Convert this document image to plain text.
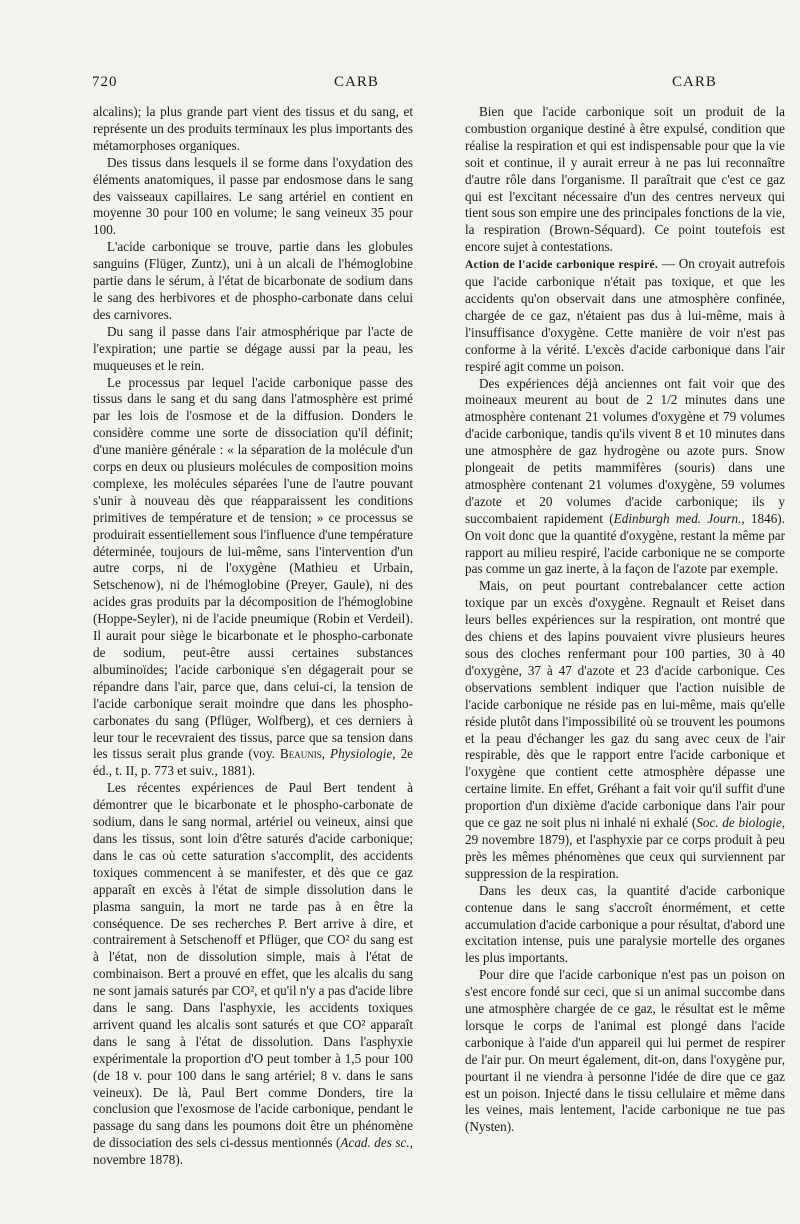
720	CARB	CARB

alcalins); la plus grande part vient des tissus et du sang, et représente un des produits terminaux les plus importants des métamorphoses organiques.

Des tissus dans lesquels il se forme dans l'oxydation des éléments anatomiques, il passe par endosmose dans le sang des vaisseaux capillaires. Le sang artériel en contient en moyenne 30 pour 100 en volume; le sang veineux 35 pour 100.

L'acide carbonique se trouve, partie dans les globules sanguins (Flüger, Zuntz), uni à un alcali de l'hémoglobine partie dans le sérum, à l'état de bicarbonate de sodium dans le sang des herbivores et de phospho-carbonate dans celui des carnivores.

Du sang il passe dans l'air atmosphérique par l'acte de l'expiration; une partie se dégage aussi par la peau, les muqueuses et le rein.

Le processus par lequel l'acide carbonique passe des tissus dans le sang et du sang dans l'atmosphère est primé par les lois de l'osmose et de la diffusion. Donders le considère comme une sorte de dissociation qu'il définit; d'une manière générale : « la séparation de la molécule d'un corps en deux ou plusieurs molécules de composition moins complexe, les molécules séparées l'une de l'autre pouvant s'unir à nouveau dès que réapparaissent les conditions primitives de température et de tension; » ce processus se produirait essentiellement sous l'influence d'une température déterminée, toujours de lui-même, sans l'intervention d'un autre corps, ni de l'oxygène (Mathieu et Urbain, Setschenow), ni de l'hémoglobine (Preyer, Gaule), ni des acides gras produits par la décomposition de l'hémoglobine (Hoppe-Seyler), ni de l'acide pneumique (Robin et Verdeil). Il aurait pour siège le bicarbonate et le phospho-carbonate de sodium, peut-être aussi certaines substances albuminoïdes; l'acide carbonique s'en dégagerait pour se répandre dans l'air, parce que, dans celui-ci, la tension de l'acide carbonique serait moindre que dans les phospho-carbonates du sang (Pflüger, Wolfberg), et ces derniers à leur tour le recevraient des tissus, parce que sa tension dans les tissus serait plus grande (voy. Beaunis, Physiologie, 2e éd., t. II, p. 773 et suiv., 1881).

Les récentes expériences de Paul Bert tendent à démontrer que le bicarbonate et le phospho-carbonate de sodium, dans le sang normal, artériel ou veineux, ainsi que dans les tissus, sont loin d'être saturés d'acide carbonique; dans le cas où cette saturation s'accomplit, des accidents toxiques commencent à se manifester, et dès que ce gaz apparaît en excès à l'état de simple dissolution dans le plasma sanguin, la mort ne tarde pas à en être la conséquence. De ses recherches P. Bert arrive à dire, et contrairement à Setschenoff et Pflüger, que CO² du sang est à l'état, non de dissolution simple, mais à l'état de combinaison. Bert a prouvé en effet, que les alcalis du sang ne sont jamais saturés par CO², et qu'il n'y a pas d'acide libre dans le sang. Dans l'asphyxie, les accidents toxiques arrivent quand les alcalis sont saturés et que CO² apparaît dans le sang à l'état de dissolution. Dans l'asphyxie expérimentale la proportion d'O peut tomber à 1,5 pour 100 (de 18 v. pour 100 dans le sang artériel; 8 v. dans le sans veineux). De là, Paul Bert comme Donders, tire la conclusion que l'exosmose de l'acide carbonique, pendant le passage du sang dans les poumons doit être un phénomène de dissociation des sels ci-dessus mentionnés (Acad. des sc., novembre 1878).

Bien que l'acide carbonique soit un produit de la combustion organique destiné à être expulsé, condition que réalise la respiration et qui est indispensable pour que la vie soit et continue, il y aurait erreur à ne pas lui reconnaître d'autre rôle dans l'organisme. Il paraîtrait que c'est ce gaz qui est l'excitant nécessaire d'un des centres nerveux qui tient sous son empire une des principales fonctions de la vie, la respiration (Brown-Séquard). Ce point toutefois est encore sujet à contestations.

Action de l'acide carbonique respiré. — On croyait autrefois que l'acide carbonique n'était pas toxique, et que les accidents qu'on observait dans une atmosphère confinée, chargée de ce gaz, n'étaient pas dus à lui-même, mais à l'insuffisance d'oxygène. Cette manière de voir n'est pas conforme à la vérité. L'excès d'acide carbonique dans l'air respiré agit comme un poison.

Des expériences déjà anciennes ont fait voir que des moineaux meurent au bout de 2 1/2 minutes dans une atmosphère contenant 21 volumes d'oxygène et 79 volumes d'acide carbonique, tandis qu'ils vivent 8 et 10 minutes dans une atmosphère de gaz hydrogène ou azote purs. Snow plongeait de petits mammifères (souris) dans une atmosphère contenant 21 volumes d'oxygène, 59 volumes d'azote et 20 volumes d'acide carbonique; ils y succombaient rapidement (Edinburgh med. Journ., 1846). On voit donc que la quantité d'oxygène, restant la même par rapport au milieu respiré, l'acide carbonique ne se comporte pas comme un gaz inerte, à la façon de l'azote par exemple.

Mais, on peut pourtant contrebalancer cette action toxique par un excès d'oxygène. Regnault et Reiset dans leurs belles expériences sur la respiration, ont montré que des chiens et des lapins pouvaient vivre plusieurs heures sous des cloches renfermant pour 100 parties, 30 à 40 d'oxygène, 37 à 47 d'azote et 23 d'acide carbonique. Ces observations semblent indiquer que l'action nuisible de l'acide carbonique ne réside pas en lui-même, mais qu'elle réside plutôt dans l'impossibilité où se trouvent les poumons et la peau d'échanger les gaz du sang avec ceux de l'air respirable, dès que le rapport entre l'acide carbonique et l'oxygène que contient cette atmosphère dépasse une certaine limite. En effet, Gréhant a fait voir qu'il suffit d'une proportion d'un dixième d'acide carbonique dans l'air pour que ce gaz ne soit plus ni inhalé ni exhalé (Soc. de biologie, 29 novembre 1879), et l'asphyxie par ce corps produit à peu près les mêmes phénomènes que ceux qui surviennent par suppression de la respiration.

Dans les deux cas, la quantité d'acide carbonique contenue dans le sang s'accroît énormément, et cette accumulation d'acide carbonique a pour résultat, d'abord une excitation intense, puis une paralysie mortelle des organes les plus importants.

Pour dire que l'acide carbonique n'est pas un poison on s'est encore fondé sur ceci, que si un animal succombe dans une atmosphère chargée de ce gaz, le résultat est le même lorsque le corps de l'animal est plongé dans l'acide carbonique à l'aide d'un appareil qui lui permet de respirer de l'air pur. On meurt également, dit-on, dans l'oxygène pur, pourtant il ne viendra à personne l'idée de dire que ce gaz est un poison. Injecté dans le tissu cellulaire et même dans les veines, mais lentement, l'acide carbonique ne tue pas (Nysten).
